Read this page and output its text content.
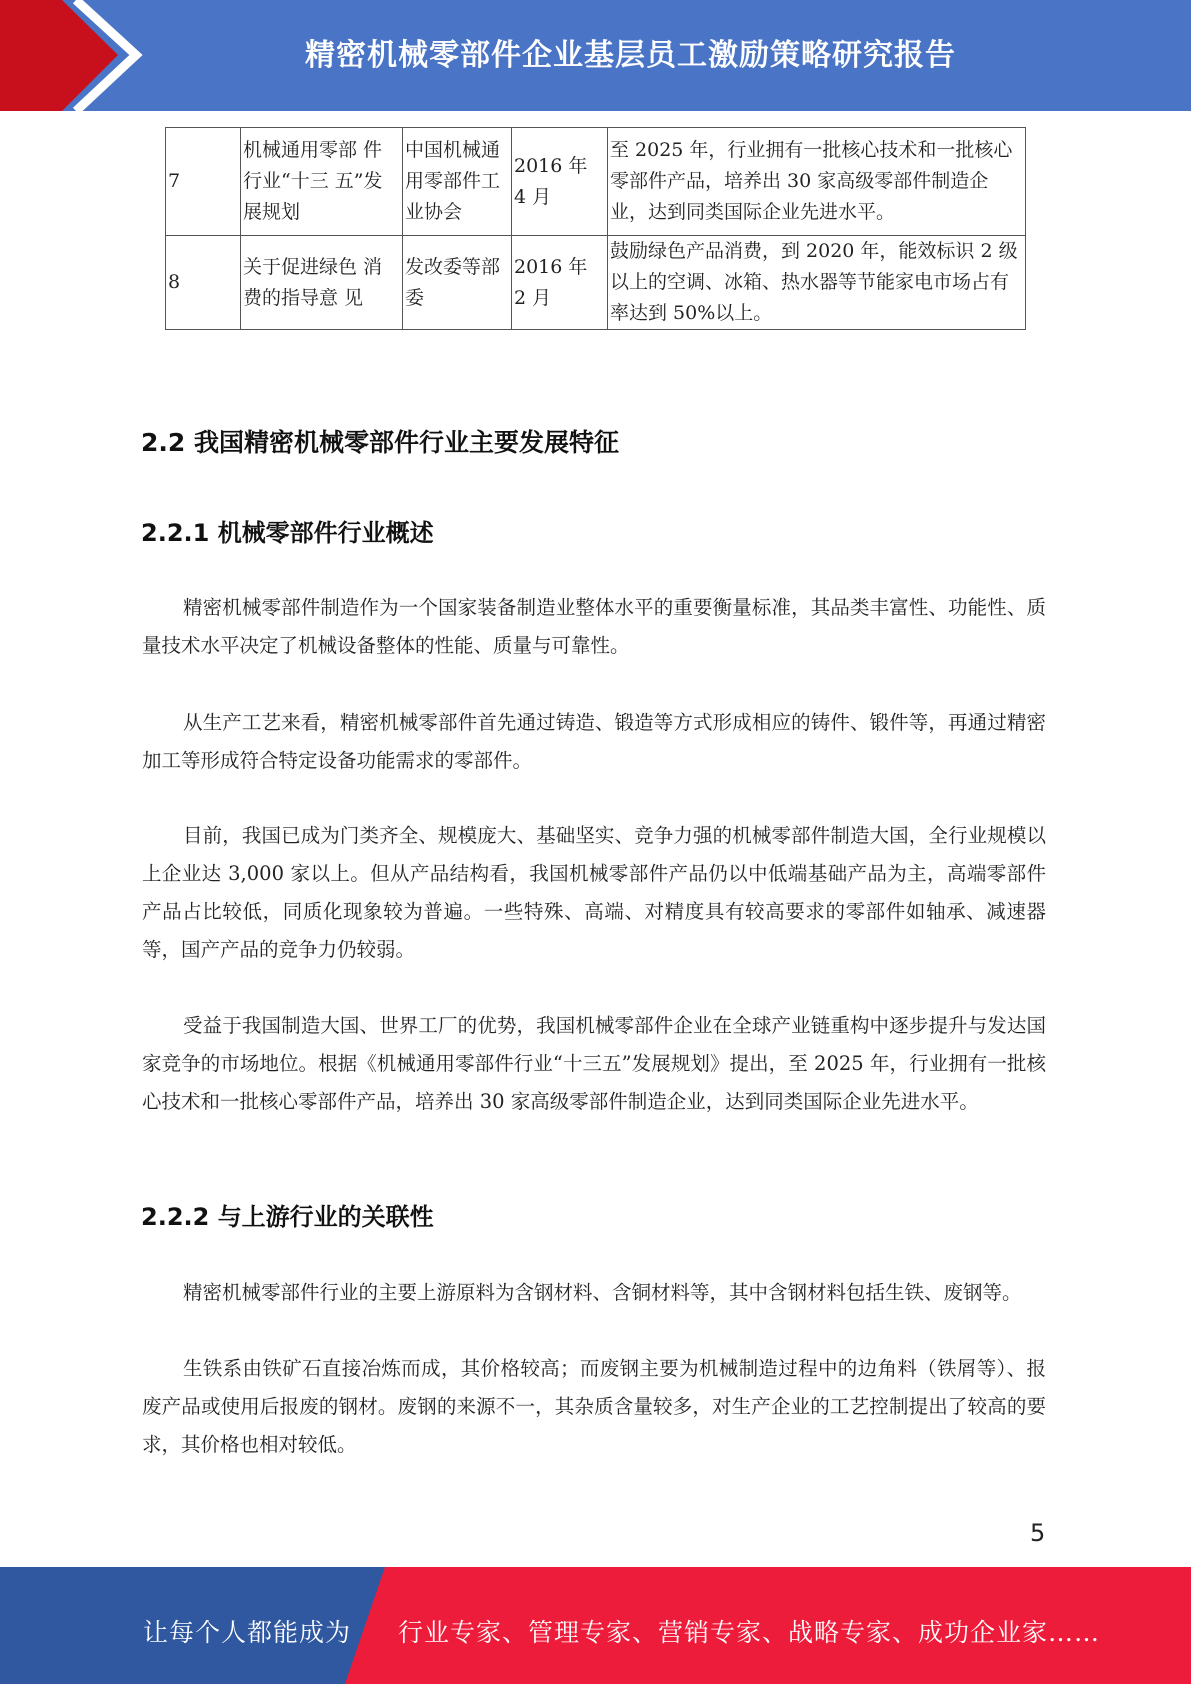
精密机械零部件企业基层员工激励策略研究报告
7	机械通用零部 件行业“十三 五”发展规划	中国机械通用零部件工业协会	2016 年 4 月	至 2025 年，行业拥有一批核心技术和一批核心零部件产品，培养出 30 家高级零部件制造企业，达到同类国际企业先进水平。
8	关于促进绿色 消费的指导意 见	发改委等部委	2016 年 2 月	鼓励绿色产品消费，到 2020 年，能效标识 2 级以上的空调、冰箱、热水器等节能家电市场占有率达到 50%以上。
2.2 我国精密机械零部件行业主要发展特征
2.2.1 机械零部件行业概述

精密机械零部件制造作为一个国家装备制造业整体水平的重要衡量标准，其品类丰富性、功能性、质量技术水平决定了机械设备整体的性能、质量与可靠性。

从生产工艺来看，精密机械零部件首先通过铸造、锻造等方式形成相应的铸件、锻件等，再通过精密加工等形成符合特定设备功能需求的零部件。

目前，我国已成为门类齐全、规模庞大、基础坚实、竞争力强的机械零部件制造大国，全行业规模以上企业达 3,000 家以上。但从产品结构看，我国机械零部件产品仍以中低端基础产品为主，高端零部件产品占比较低，同质化现象较为普遍。一些特殊、高端、对精度具有较高要求的零部件如轴承、减速器等，国产产品的竞争力仍较弱。

受益于我国制造大国、世界工厂的优势，我国机械零部件企业在全球产业链重构中逐步提升与发达国家竞争的市场地位。根据《机械通用零部件行业“十三五”发展规划》提出，至 2025 年，行业拥有一批核心技术和一批核心零部件产品，培养出 30 家高级零部件制造企业，达到同类国际企业先进水平。

2.2.2 与上游行业的关联性

精密机械零部件行业的主要上游原料为含钢材料、含铜材料等，其中含钢材料包括生铁、废钢等。

生铁系由铁矿石直接冶炼而成，其价格较高；而废钢主要为机械制造过程中的边角料（铁屑等）、报废产品或使用后报废的钢材。废钢的来源不一，其杂质含量较多，对生产企业的工艺控制提出了较高的要求，其价格也相对较低。

5
让每个人都能成为 行业专家、管理专家、营销专家、战略专家、成功企业家……
